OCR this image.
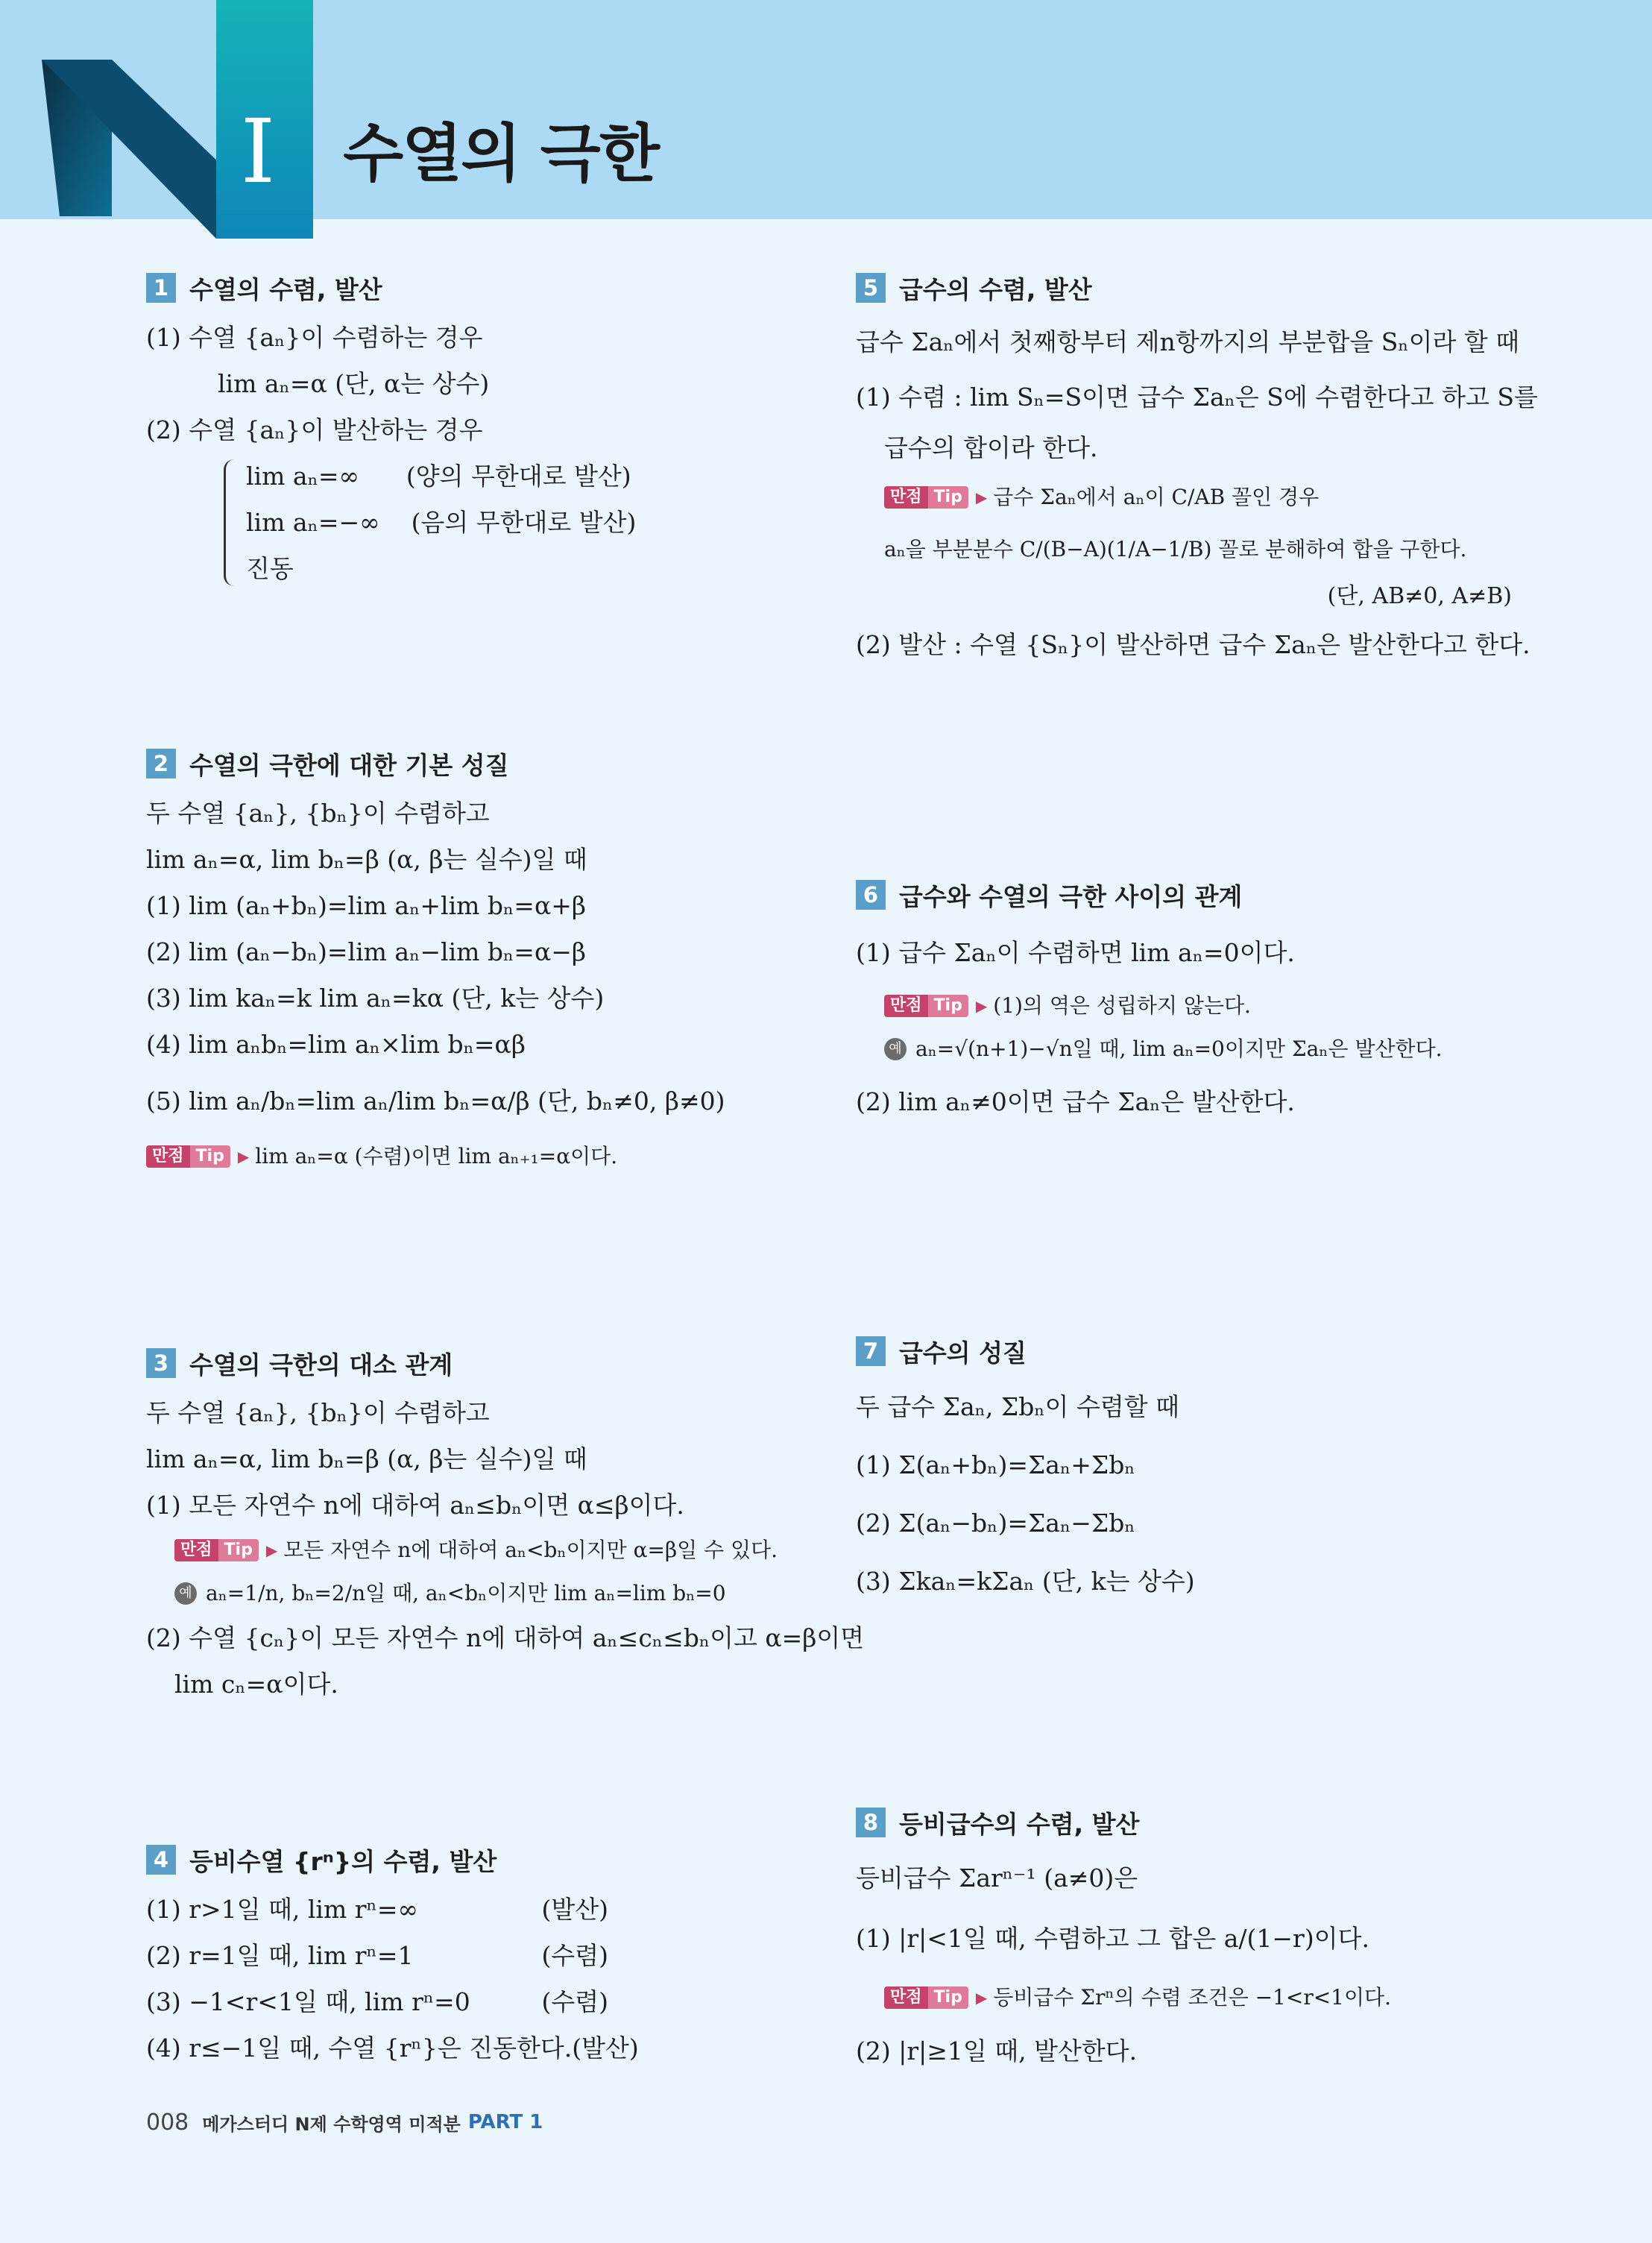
I 수열의 극한
1 수열의 수렴, 발산
(1) 수열 {aₙ}이 수렴하는 경우
lim aₙ=α (단, α는 상수)
(2) 수열 {aₙ}이 발산하는 경우
lim aₙ=∞      (양의 무한대로 발산)
lim aₙ=−∞    (음의 무한대로 발산)
진동
2 수열의 극한에 대한 기본 성질
두 수열 {aₙ}, {bₙ}이 수렴하고
lim aₙ=α, lim bₙ=β (α, β는 실수)일 때
(1) lim (aₙ+bₙ)=lim aₙ+lim bₙ=α+β
(2) lim (aₙ−bₙ)=lim aₙ−lim bₙ=α−β
(3) lim kaₙ=k lim aₙ=kα (단, k는 상수)
(4) lim aₙbₙ=lim aₙ×lim bₙ=αβ
(5) lim aₙ/bₙ=lim aₙ/lim bₙ=α/β (단, bₙ≠0, β≠0)
만점 Tip ▶ lim aₙ=α (수렴)이면 lim aₙ₊₁=α이다.
3 수열의 극한의 대소 관계
두 수열 {aₙ}, {bₙ}이 수렴하고
lim aₙ=α, lim bₙ=β (α, β는 실수)일 때
(1) 모든 자연수 n에 대하여 aₙ≤bₙ이면 α≤β이다.
만점 Tip ▶ 모든 자연수 n에 대하여 aₙ<bₙ이지만 α=β일 수 있다.
예 aₙ=1/n, bₙ=2/n일 때, aₙ<bₙ이지만 lim aₙ=lim bₙ=0
(2) 수열 {cₙ}이 모든 자연수 n에 대하여 aₙ≤cₙ≤bₙ이고 α=β이면
lim cₙ=α이다.
4 등비수열 {rⁿ}의 수렴, 발산
(1) r>1일 때, lim rⁿ=∞	(발산)
(2) r=1일 때, lim rⁿ=1	(수렴)
(3) −1<r<1일 때, lim rⁿ=0	(수렴)
(4) r≤−1일 때, 수열 {rⁿ}은 진동한다. (발산)
5 급수의 수렴, 발산
급수 Σaₙ에서 첫째항부터 제n항까지의 부분합을 Sₙ이라 할 때
(1) 수렴 : lim Sₙ=S이면 급수 Σaₙ은 S에 수렴한다고 하고 S를
급수의 합이라 한다.
만점 Tip ▶ 급수 Σaₙ에서 aₙ이 C/AB 꼴인 경우
aₙ을 부분분수 C/(B−A)(1/A−1/B) 꼴로 분해하여 합을 구한다.
(단, AB≠0, A≠B)
(2) 발산 : 수열 {Sₙ}이 발산하면 급수 Σaₙ은 발산한다고 한다.
6 급수와 수열의 극한 사이의 관계
(1) 급수 Σaₙ이 수렴하면 lim aₙ=0이다.
만점 Tip ▶ (1)의 역은 성립하지 않는다.
예 aₙ=√(n+1)−√n일 때, lim aₙ=0이지만 Σaₙ은 발산한다.
(2) lim aₙ≠0이면 급수 Σaₙ은 발산한다.
7 급수의 성질
두 급수 Σaₙ, Σbₙ이 수렴할 때
(1) Σ(aₙ+bₙ)=Σaₙ+Σbₙ
(2) Σ(aₙ−bₙ)=Σaₙ−Σbₙ
(3) Σkaₙ=kΣaₙ (단, k는 상수)
8 등비급수의 수렴, 발산
등비급수 Σarⁿ⁻¹ (a≠0)은
(1) |r|<1일 때, 수렴하고 그 합은 a/(1−r)이다.
만점 Tip ▶ 등비급수 Σrⁿ의 수렴 조건은 −1<r<1이다.
(2) |r|≥1일 때, 발산한다.
008 메가스터디 N제 수학영역 미적분 PART 1
